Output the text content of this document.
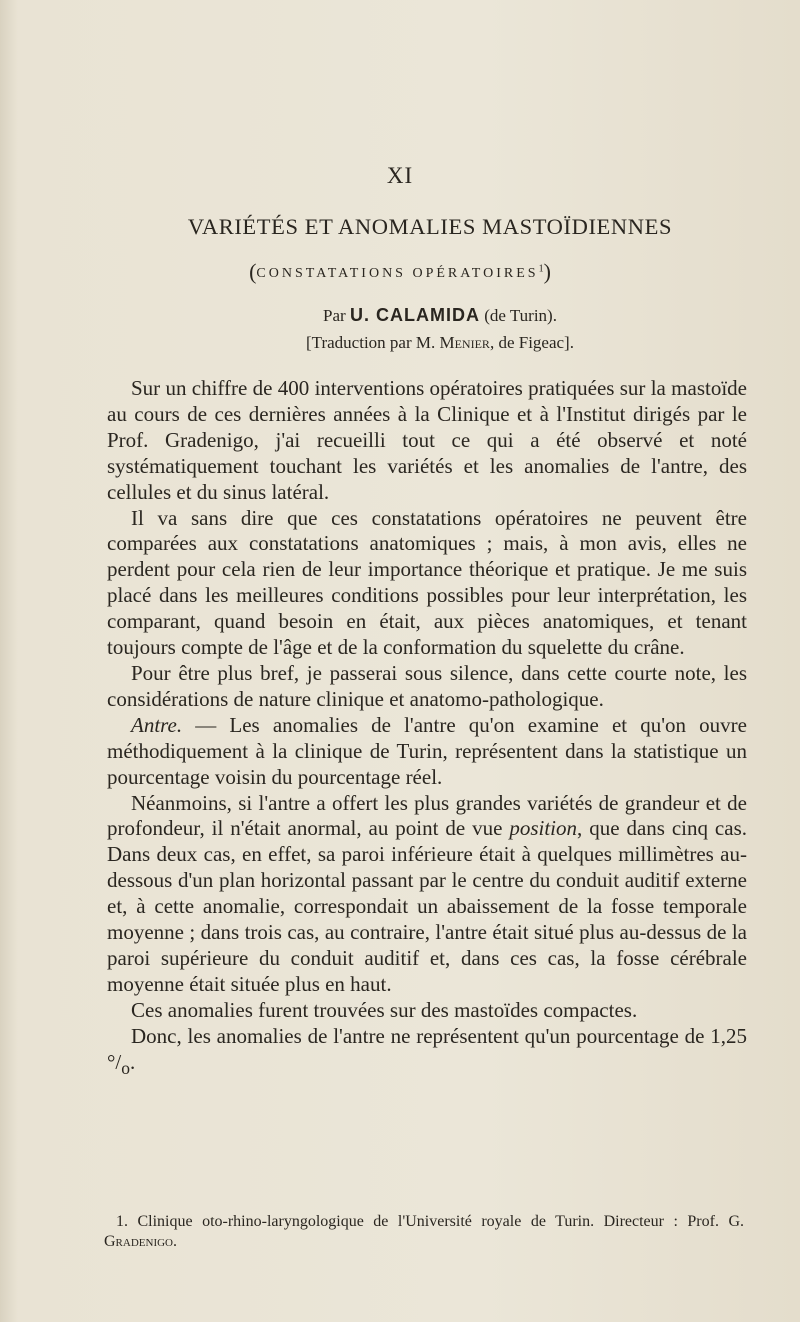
XI
VARIÉTÉS ET ANOMALIES MASTOÏDIENNES
(CONSTATATIONS OPÉRATOIRES$^1$)
Par U. CALAMIDA (de Turin).
[Traduction par M. Menier, de Figeac].

Sur un chiffre de 400 interventions opératoires pratiquées sur la mastoïde au cours de ces dernières années à la Clinique et à l'Institut dirigés par le Prof. Gradenigo, j'ai recueilli tout ce qui a été observé et noté systématiquement touchant les variétés et les anomalies de l'antre, des cellules et du sinus latéral.

Il va sans dire que ces constatations opératoires ne peuvent être comparées aux constatations anatomiques ; mais, à mon avis, elles ne perdent pour cela rien de leur importance théorique et pratique. Je me suis placé dans les meilleures conditions possibles pour leur interprétation, les comparant, quand besoin en était, aux pièces anatomiques, et tenant toujours compte de l'âge et de la conformation du squelette du crâne.

Pour être plus bref, je passerai sous silence, dans cette courte note, les considérations de nature clinique et anatomo-pathologique.

Antre. — Les anomalies de l'antre qu'on examine et qu'on ouvre méthodiquement à la clinique de Turin, représentent dans la statistique un pourcentage voisin du pourcentage réel.

Néanmoins, si l'antre a offert les plus grandes variétés de grandeur et de profondeur, il n'était anormal, au point de vue position, que dans cinq cas. Dans deux cas, en effet, sa paroi inférieure était à quelques millimètres au-dessous d'un plan horizontal passant par le centre du conduit auditif externe et, à cette anomalie, correspondait un abaissement de la fosse temporale moyenne ; dans trois cas, au contraire, l'antre était situé plus au-dessus de la paroi supérieure du conduit auditif et, dans ces cas, la fosse cérébrale moyenne était située plus en haut.

Ces anomalies furent trouvées sur des mastoïdes compactes.

Donc, les anomalies de l'antre ne représentent qu'un pourcentage de 1,25 $^\circ/_o$.

1. Clinique oto-rhino-laryngologique de l'Université royale de Turin. Directeur : Prof. G. Gradenigo.
